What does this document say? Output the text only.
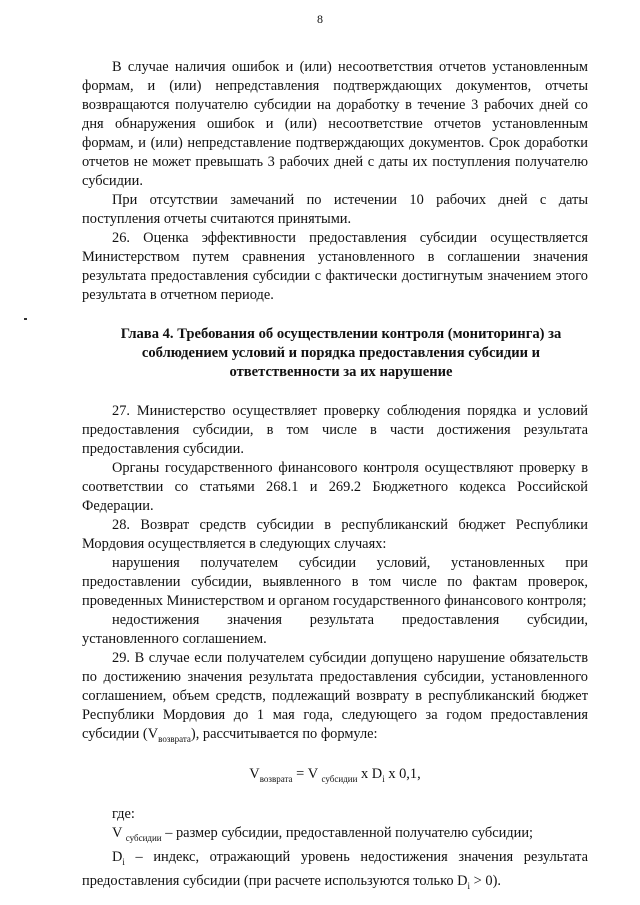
8

В случае наличия ошибок и (или) несоответствия отчетов установленным формам, и (или) непредставления подтверждающих документов, отчеты возвращаются получателю субсидии на доработку в течение 3 рабочих дней со дня обнаружения ошибок и (или) несоответствие отчетов установленным формам, и (или) непредставление подтверждающих документов. Срок доработки отчетов не может превышать 3 рабочих дней с даты их поступления получателю субсидии.

При отсутствии замечаний по истечении 10 рабочих дней с даты поступления отчеты считаются принятыми.

26. Оценка эффективности предоставления субсидии осуществляется Министерством путем сравнения установленного в соглашении значения результата предоставления субсидии с фактически достигнутым значением этого результата в отчетном периоде.

Глава 4. Требования об осуществлении контроля (мониторинга) за соблюдением условий и порядка предоставления субсидии и ответственности за их нарушение

27. Министерство осуществляет проверку соблюдения порядка и условий предоставления субсидии, в том числе в части достижения результата предоставления субсидии.

Органы государственного финансового контроля осуществляют проверку в соответствии со статьями 268.1 и 269.2 Бюджетного кодекса Российской Федерации.

28. Возврат средств субсидии в республиканский бюджет Республики Мордовия осуществляется в следующих случаях:

нарушения получателем субсидии условий, установленных при предоставлении субсидии, выявленного в том числе по фактам проверок, проведенных Министерством и органом государственного финансового контроля;

недостижения значения результата предоставления субсидии, установленного соглашением.

29. В случае если получателем субсидии допущено нарушение обязательств по достижению значения результата предоставления субсидии, установленного соглашением, объем средств, подлежащий возврату в республиканский бюджет Республики Мордовия до 1 мая года, следующего за годом предоставления субсидии $(V_{возврата})$, рассчитывается по формуле:

$V_{возврата} = V$ $_{субсидии}$ x $D_i$ x 0,1,

где:

V $_{субсидии}$ – размер субсидии, предоставленной получателю субсидии;

$D_i$ – индекс, отражающий уровень недостижения значения результата предоставления субсидии (при расчете используются только $D_i > 0$).
